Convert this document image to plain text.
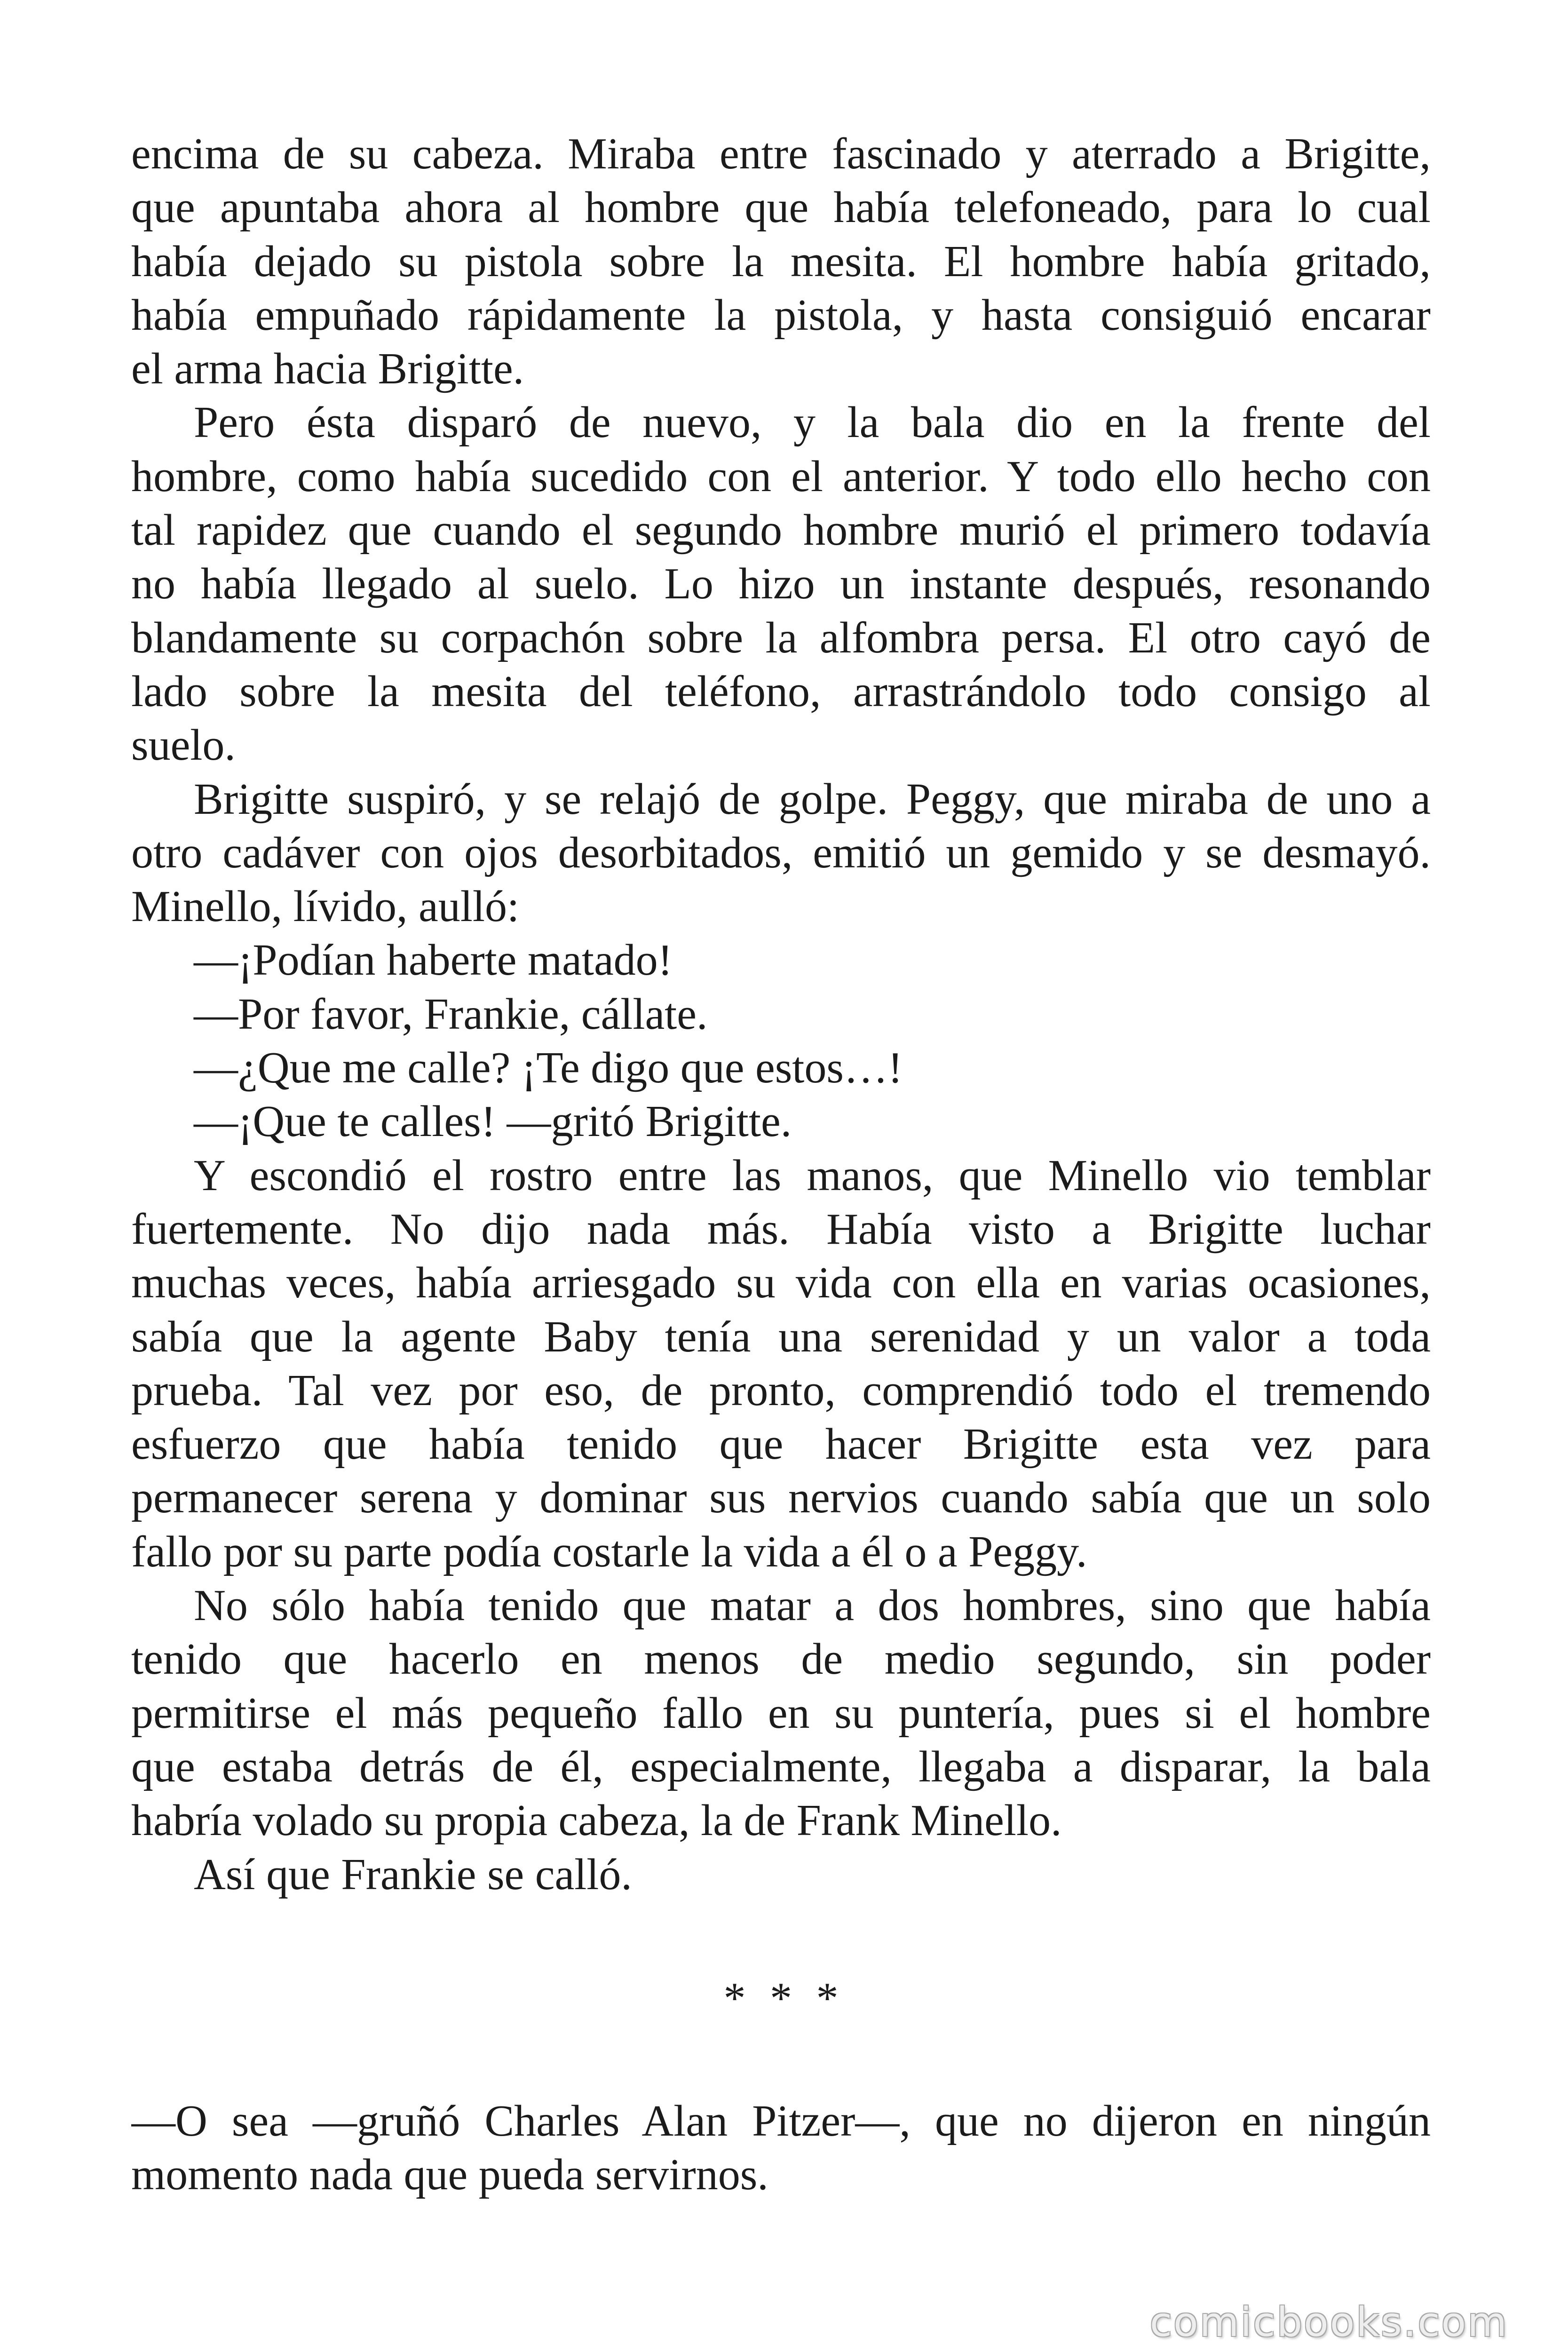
encima de su cabeza. Miraba entre fascinado y aterrado a Brigitte,
que apuntaba ahora al hombre que había telefoneado, para lo cual
había dejado su pistola sobre la mesita. El hombre había gritado,
había empuñado rápidamente la pistola, y hasta consiguió encarar
el arma hacia Brigitte.
Pero ésta disparó de nuevo, y la bala dio en la frente del
hombre, como había sucedido con el anterior. Y todo ello hecho con
tal rapidez que cuando el segundo hombre murió el primero todavía
no había llegado al suelo. Lo hizo un instante después, resonando
blandamente su corpachón sobre la alfombra persa. El otro cayó de
lado sobre la mesita del teléfono, arrastrándolo todo consigo al
suelo.
Brigitte suspiró, y se relajó de golpe. Peggy, que miraba de uno a
otro cadáver con ojos desorbitados, emitió un gemido y se desmayó.
Minello, lívido, aulló:
—¡Podían haberte matado!
—Por favor, Frankie, cállate.
—¿Que me calle? ¡Te digo que estos…!
—¡Que te calles! —gritó Brigitte.
Y escondió el rostro entre las manos, que Minello vio temblar
fuertemente. No dijo nada más. Había visto a Brigitte luchar
muchas veces, había arriesgado su vida con ella en varias ocasiones,
sabía que la agente Baby tenía una serenidad y un valor a toda
prueba. Tal vez por eso, de pronto, comprendió todo el tremendo
esfuerzo que había tenido que hacer Brigitte esta vez para
permanecer serena y dominar sus nervios cuando sabía que un solo
fallo por su parte podía costarle la vida a él o a Peggy.
No sólo había tenido que matar a dos hombres, sino que había
tenido que hacerlo en menos de medio segundo, sin poder
permitirse el más pequeño fallo en su puntería, pues si el hombre
que estaba detrás de él, especialmente, llegaba a disparar, la bala
habría volado su propia cabeza, la de Frank Minello.
Así que Frankie se calló.
* * *
—O sea —gruñó Charles Alan Pitzer—, que no dijeron en ningún
momento nada que pueda servirnos.
comicbooks.com
